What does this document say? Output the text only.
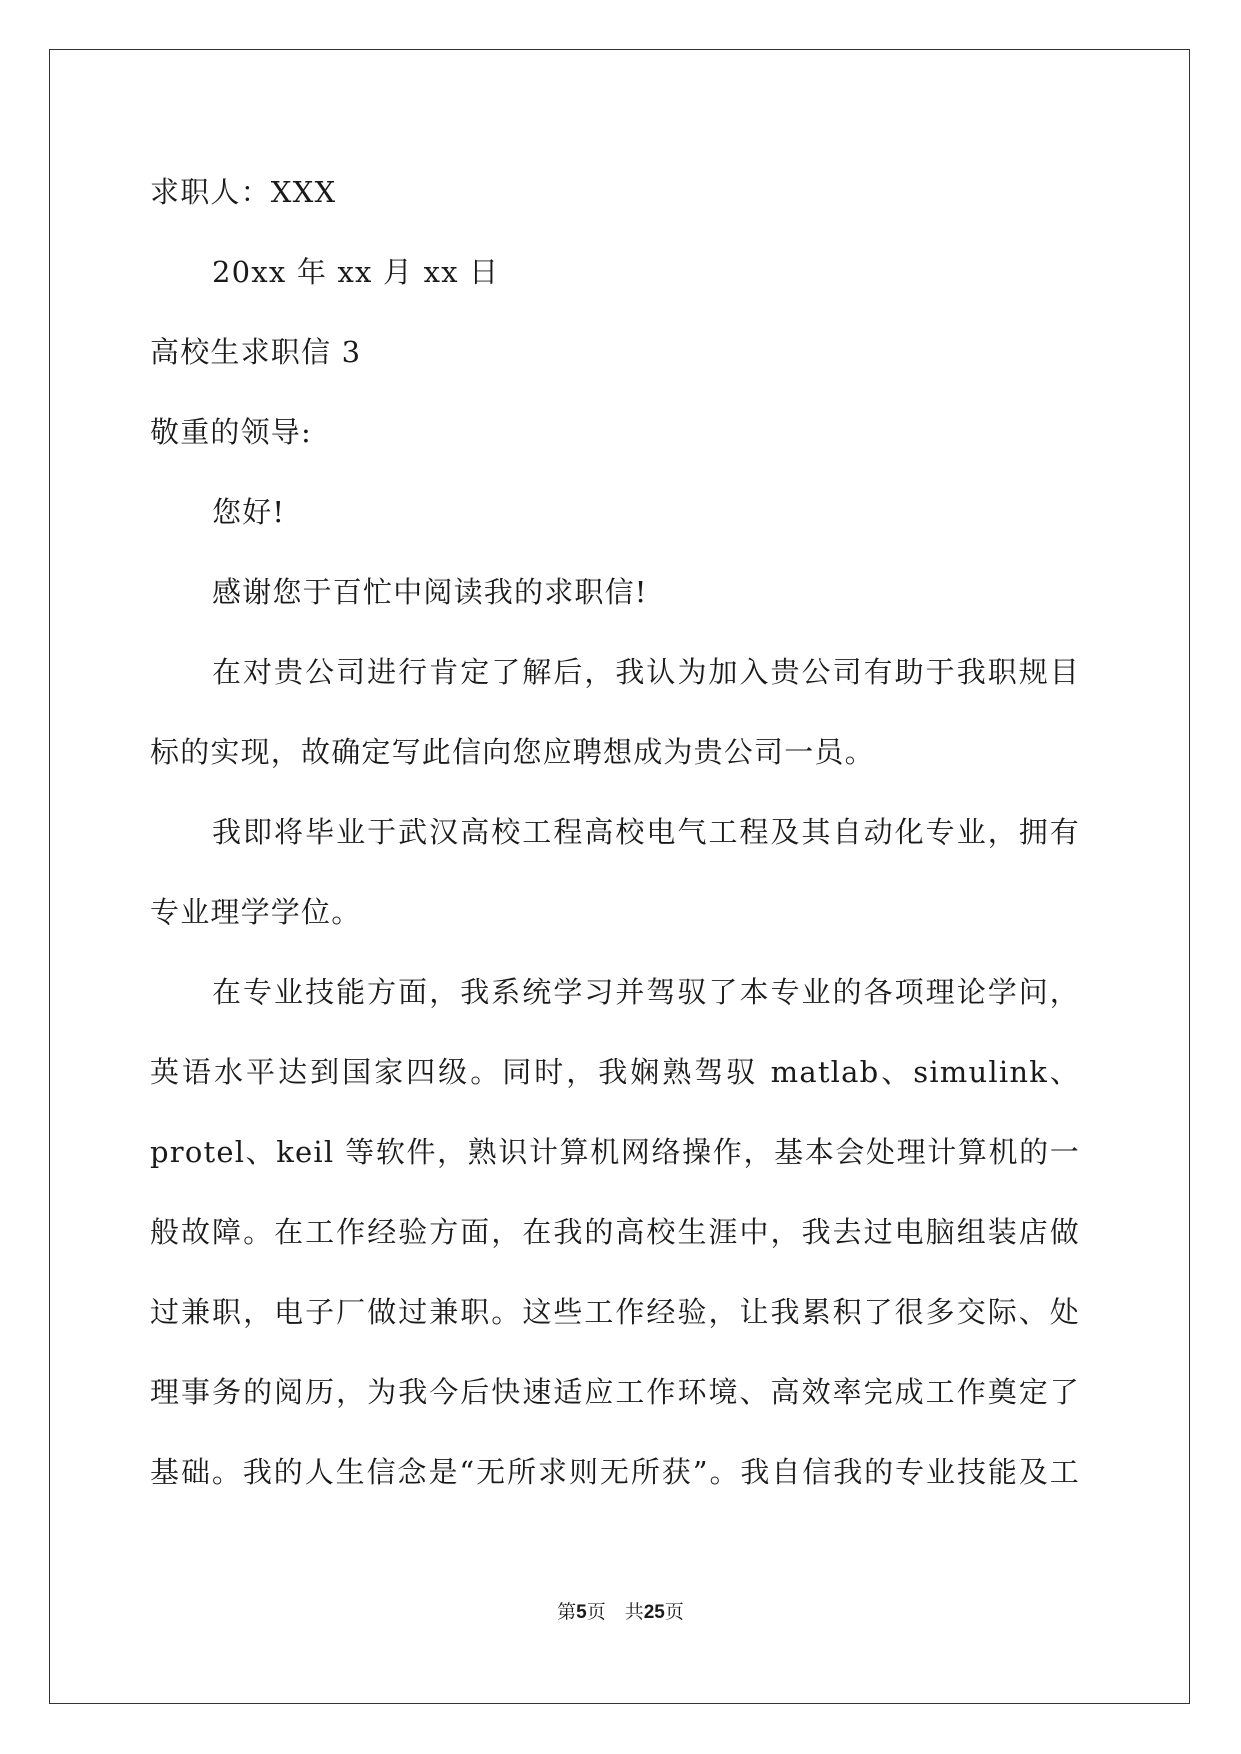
求职人：XXX
20xx 年 xx 月 xx 日
高校生求职信 3
敬重的领导:
您好!
感谢您于百忙中阅读我的求职信!
在对贵公司进行肯定了解后，我认为加入贵公司有助于我职规目
标的实现，故确定写此信向您应聘想成为贵公司一员。
我即将毕业于武汉高校工程高校电气工程及其自动化专业，拥有
专业理学学位。
在专业技能方面，我系统学习并驾驭了本专业的各项理论学问，
英语水平达到国家四级。同时，我娴熟驾驭 matlab、simulink、
protel、keil 等软件，熟识计算机网络操作，基本会处理计算机的一
般故障。在工作经验方面，在我的高校生涯中，我去过电脑组装店做
过兼职，电子厂做过兼职。这些工作经验，让我累积了很多交际、处
理事务的阅历，为我今后快速适应工作环境、高效率完成工作奠定了
基础。我的人生信念是“无所求则无所获”。我自信我的专业技能及工
第5页　共25页
